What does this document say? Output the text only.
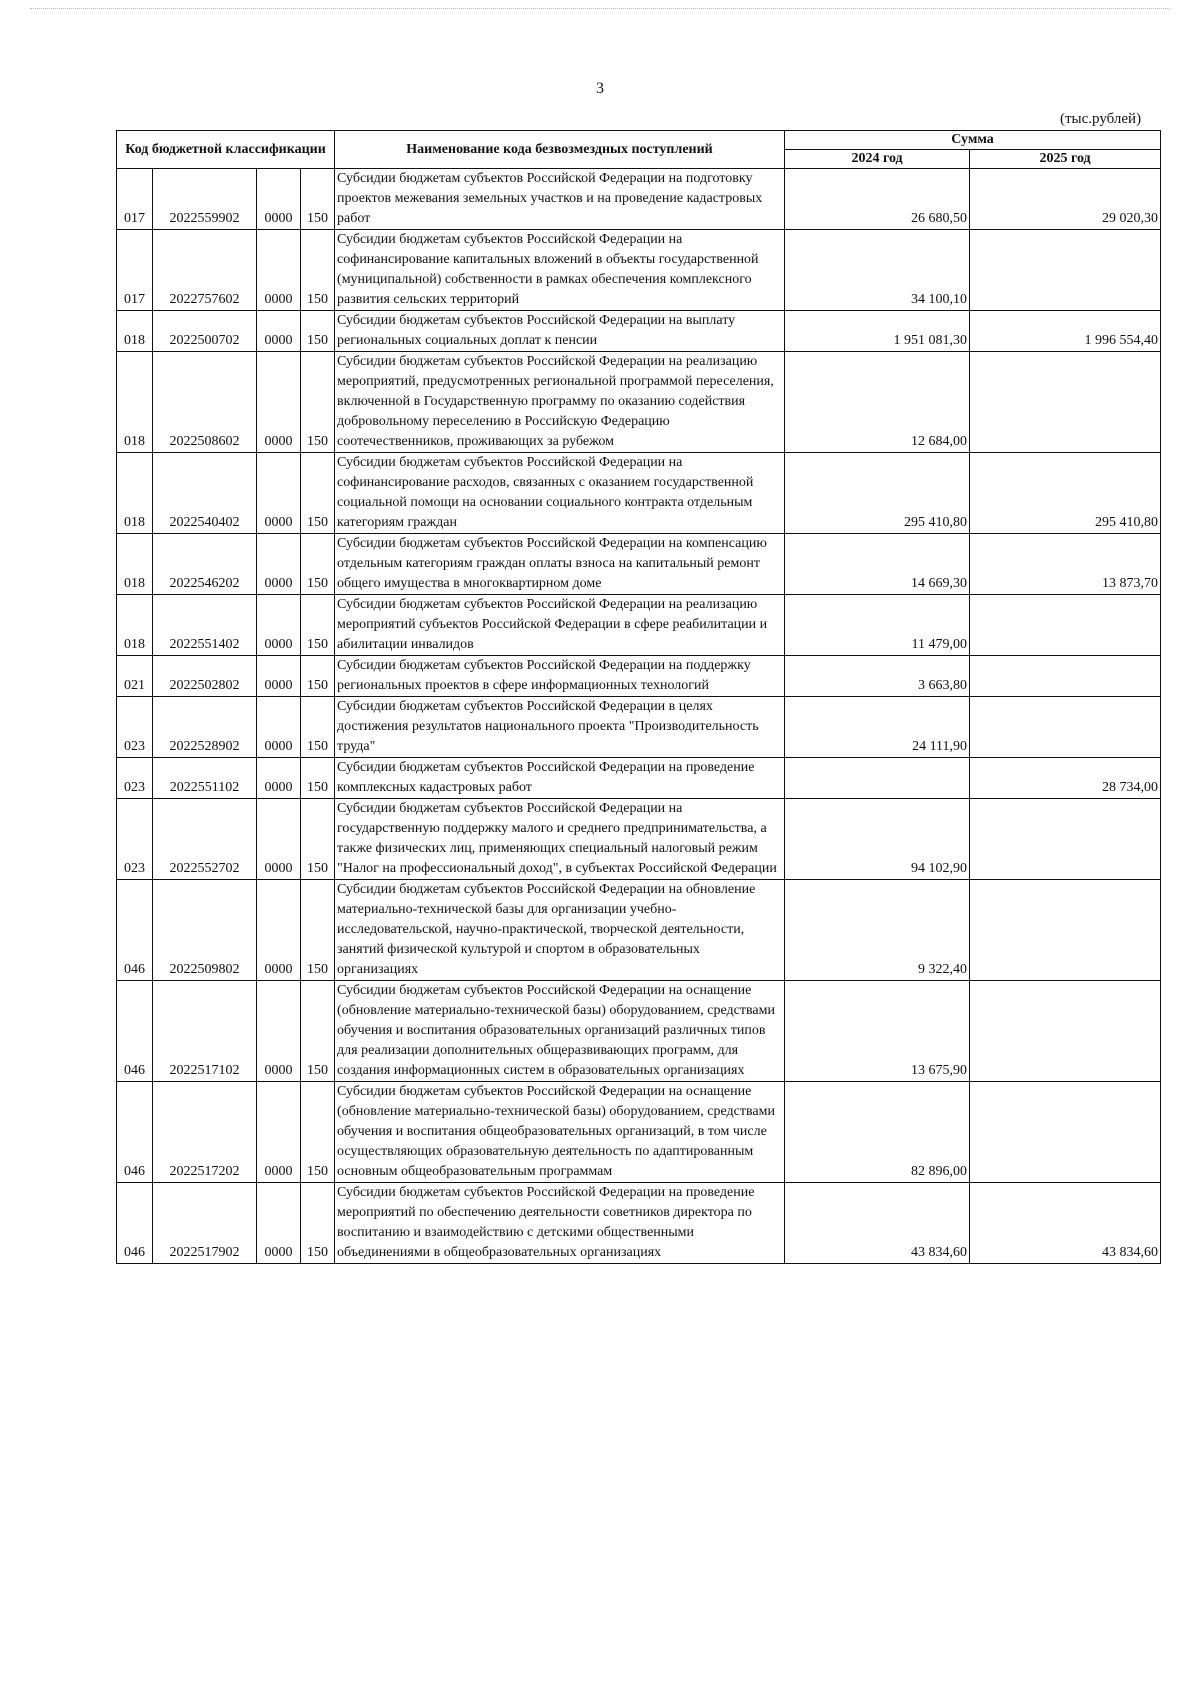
3
(тыс.рублей)
Код бюджетной классификации				Наименование кода безвозмездных поступлений	Сумма	
					2024 год	2025 год
017	2022559902	0000	150	Субсидии бюджетам субъектов Российской Федерации на подготовку проектов межевания земельных участков и на проведение кадастровых работ	26 680,50	29 020,30
017	2022757602	0000	150	Субсидии бюджетам субъектов Российской Федерации на софинансирование капитальных вложений в объекты государственной (муниципальной) собственности в рамках обеспечения комплексного развития сельских территорий	34 100,10	
018	2022500702	0000	150	Субсидии бюджетам субъектов Российской Федерации на выплату региональных социальных доплат к пенсии	1 951 081,30	1 996 554,40
018	2022508602	0000	150	Субсидии бюджетам субъектов Российской Федерации на реализацию мероприятий, предусмотренных региональной программой переселения, включенной в Государственную программу по оказанию содействия добровольному переселению в Российскую Федерацию соотечественников, проживающих за рубежом	12 684,00	
018	2022540402	0000	150	Субсидии бюджетам субъектов Российской Федерации на софинансирование расходов, связанных с оказанием государственной социальной помощи на основании социального контракта отдельным категориям граждан	295 410,80	295 410,80
018	2022546202	0000	150	Субсидии бюджетам субъектов Российской Федерации на компенсацию отдельным категориям граждан оплаты взноса на капитальный ремонт общего имущества в многоквартирном доме	14 669,30	13 873,70
018	2022551402	0000	150	Субсидии бюджетам субъектов Российской Федерации на реализацию мероприятий субъектов Российской Федерации в сфере реабилитации и абилитации инвалидов	11 479,00	
021	2022502802	0000	150	Субсидии бюджетам субъектов Российской Федерации на поддержку региональных проектов в сфере информационных технологий	3 663,80	
023	2022528902	0000	150	Субсидии бюджетам субъектов Российской Федерации в целях достижения результатов национального проекта "Производительность труда"	24 111,90	
023	2022551102	0000	150	Субсидии бюджетам субъектов Российской Федерации на проведение комплексных кадастровых работ		28 734,00
023	2022552702	0000	150	Субсидии бюджетам субъектов Российской Федерации на государственную поддержку малого и среднего предпринимательства, а также физических лиц, применяющих специальный налоговый режим "Налог на профессиональный доход", в субъектах Российской Федерации	94 102,90	
046	2022509802	0000	150	Субсидии бюджетам субъектов Российской Федерации на обновление материально-технической базы для организации учебно-исследовательской, научно-практической, творческой деятельности, занятий физической культурой и спортом в образовательных организациях	9 322,40	
046	2022517102	0000	150	Субсидии бюджетам субъектов Российской Федерации на оснащение (обновление материально-технической базы) оборудованием, средствами обучения и воспитания образовательных организаций различных типов для реализации дополнительных общеразвивающих программ, для создания информационных систем в образовательных организациях	13 675,90	
046	2022517202	0000	150	Субсидии бюджетам субъектов Российской Федерации на оснащение (обновление материально-технической базы) оборудованием, средствами обучения и воспитания общеобразовательных организаций, в том числе осуществляющих образовательную деятельность по адаптированным основным общеобразовательным программам	82 896,00	
046	2022517902	0000	150	Субсидии бюджетам субъектов Российской Федерации на проведение мероприятий по обеспечению деятельности советников директора по воспитанию и взаимодействию с детскими общественными объединениями в общеобразовательных организациях	43 834,60	43 834,60
